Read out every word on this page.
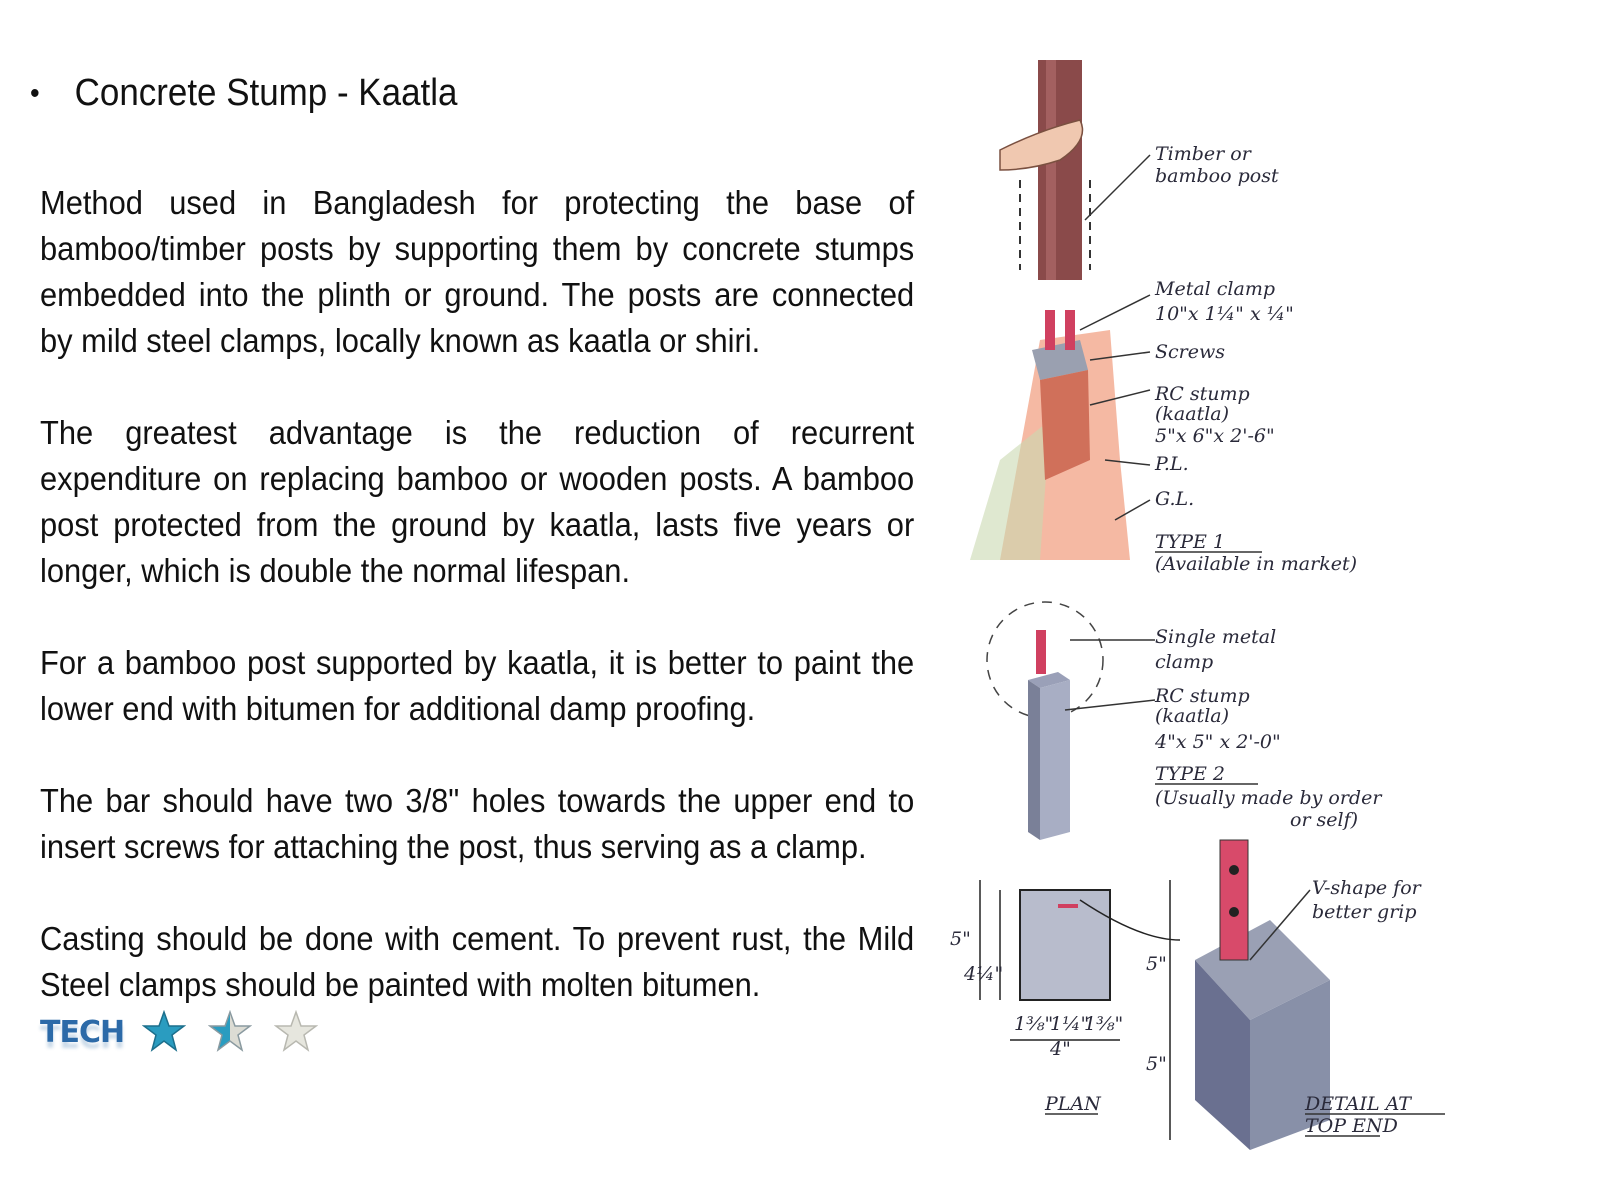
• Concrete Stump - Kaatla

Method used in Bangladesh for protecting the base of bamboo/timber posts by supporting them by concrete stumps embedded into the plinth or ground. The posts are connected by mild steel clamps, locally known as kaatla or shiri.

The greatest advantage is the reduction of recurrent expenditure on replacing bamboo or wooden posts. A bamboo post protected from the ground by kaatla, lasts five years or longer, which is double the normal lifespan.

For a bamboo post supported by kaatla, it is better to paint the lower end with bitumen for additional damp proofing.

The bar should have two 3/8" holes towards the upper end to insert screws for attaching the post, thus serving as a clamp.

Casting should be done with cement. To prevent rust, the Mild Steel clamps should be painted with molten bitumen.

TECH
Timber or
bamboo post
Metal clamp
10"x 1¼" x ¼"
Screws
RC stump
(kaatla)
5"x 6"x 2'-6"
P.L.
G.L.
TYPE 1
(Available in market)
Single metal
clamp
RC stump
(kaatla)
4"x 5" x 2'-0"
TYPE 2
(Usually made by order
or self)
PLAN
4"
1⅜"
1¼"
1⅜"
5"
4¼"	5"
5"
V-shape for
better grip
DETAIL AT
TOP END
